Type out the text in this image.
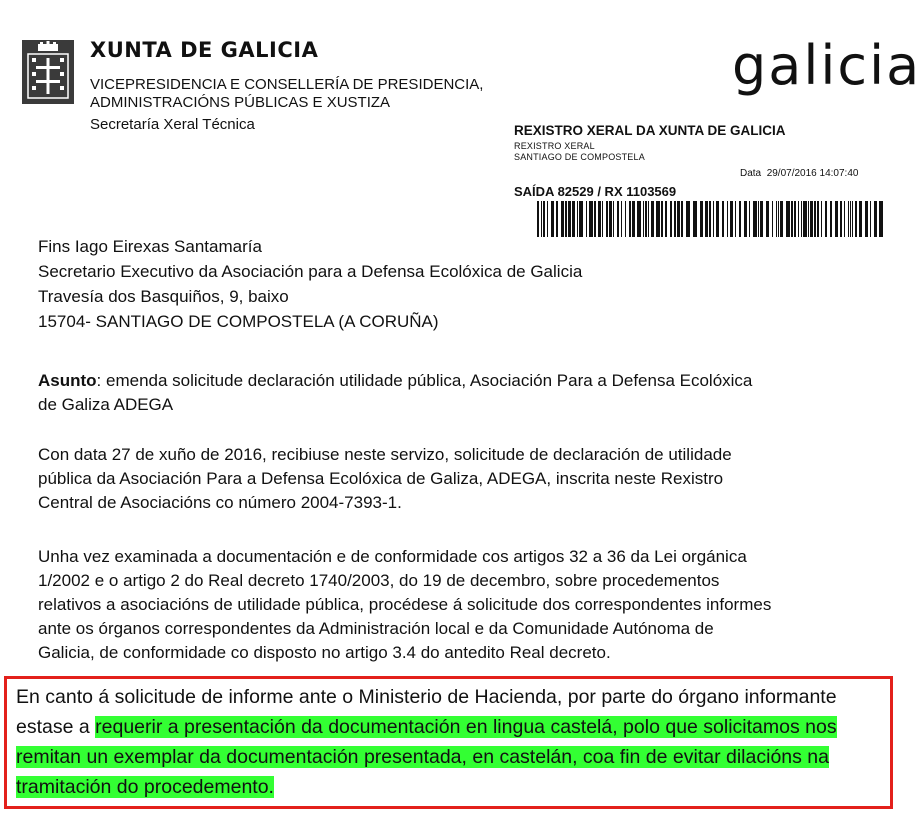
XUNTA DE GALICIA
VICEPRESIDENCIA E CONSELLERÍA DE PRESIDENCIA,
ADMINISTRACIÓNS PÚBLICAS E XUSTIZA
Secretaría Xeral Técnica
galicia
REXISTRO XERAL DA XUNTA DE GALICIA
REXISTRO XERAL
SANTIAGO DE COMPOSTELA
Data 29/07/2016 14:07:40
SAÍDA 82529 / RX 1103569
Fins Iago Eirexas Santamaría
Secretario Executivo da Asociación para a Defensa Ecolóxica de Galicia
Travesía dos Basquiños, 9, baixo
15704- SANTIAGO DE COMPOSTELA (A CORUÑA)
Asunto: emenda solicitude declaración utilidade pública, Asociación Para a Defensa Ecolóxica
de Galiza ADEGA
Con data 27 de xuño de 2016, recibiuse neste servizo, solicitude de declaración de utilidade
pública da Asociación Para a Defensa Ecolóxica de Galiza, ADEGA, inscrita neste Rexistro
Central de Asociacións co número 2004-7393-1.
Unha vez examinada a documentación e de conformidade cos artigos 32 a 36 da Lei orgánica
1/2002 e o artigo 2 do Real decreto 1740/2003, do 19 de decembro, sobre procedementos
relativos a asociacións de utilidade pública, procédese á solicitude dos correspondentes informes
ante os órganos correspondentes da Administración local e da Comunidade Autónoma de
Galicia, de conformidade co disposto no artigo 3.4 do antedito Real decreto.
En canto á solicitude de informe ante o Ministerio de Hacienda, por parte do órgano informante
estase a requerir a presentación da documentación en lingua castelá, polo que solicitamos nos
remitan un exemplar da documentación presentada, en castelán, coa fin de evitar dilacións na
tramitación do procedemento.
